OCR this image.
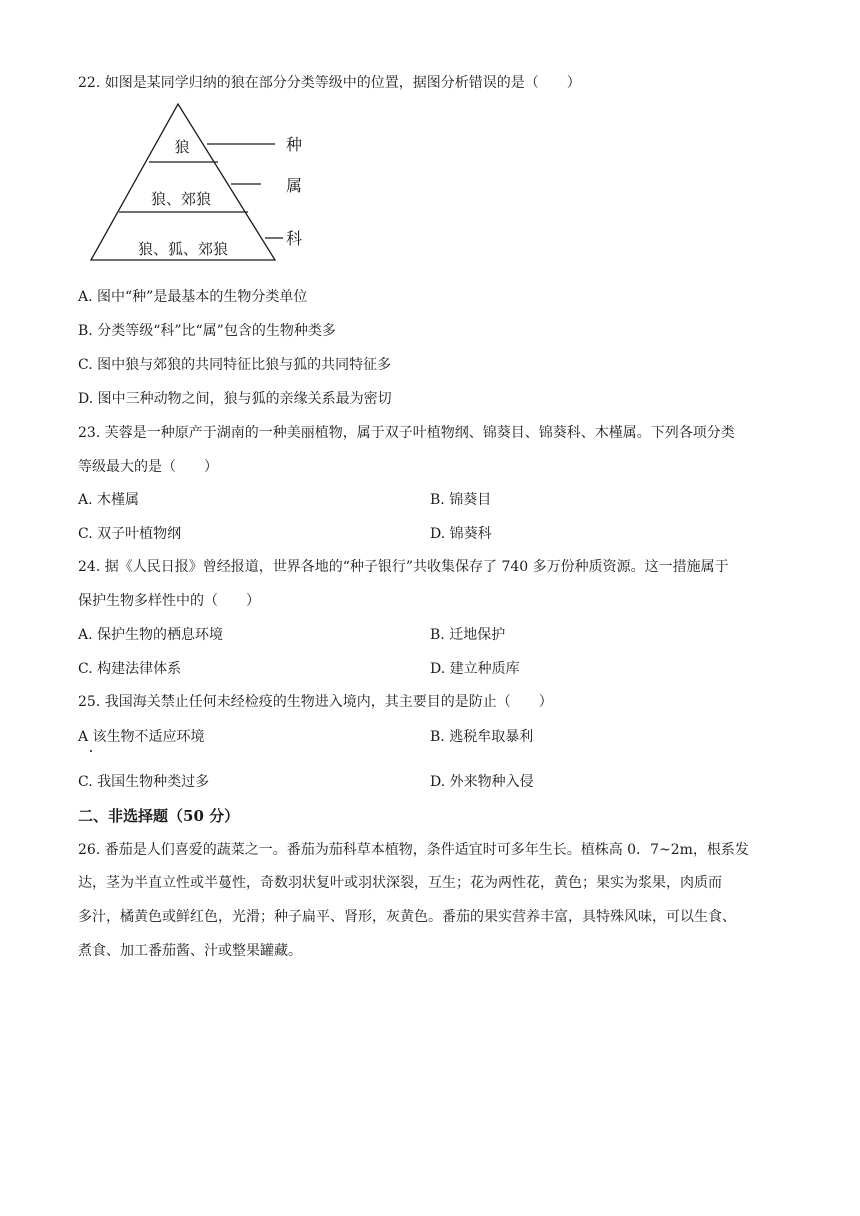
22. 如图是某同学归纳的狼在部分分类等级中的位置，据图分析错误的是（　　）
狼
狼、郊狼
狼、狐、郊狼
种
属
科
A. 图中“种”是最基本的生物分类单位
B. 分类等级“科”比“属”包含的生物种类多
C. 图中狼与郊狼的共同特征比狼与狐的共同特征多
D. 图中三种动物之间，狼与狐的亲缘关系最为密切
23. 芙蓉是一种原产于湖南的一种美丽植物，属于双子叶植物纲、锦葵目、锦葵科、木槿属。下列各项分类
等级最大的是（　　）
A. 木槿属	B. 锦葵目
C. 双子叶植物纲	D. 锦葵科
24. 据《人民日报》曾经报道，世界各地的“种子银行”共收集保存了 740 多万份种质资源。这一措施属于
保护生物多样性中的（　　）
A. 保护生物的栖息环境	B. 迁地保护
C. 构建法律体系	D. 建立种质库
25. 我国海关禁止任何未经检疫的生物进入境内，其主要目的是防止（　　）
A 该生物不适应环境	B. 逃税牟取暴利
C. 我国生物种类过多	D. 外来物种入侵
二、非选择题（50 分）
26. 番茄是人们喜爱的蔬菜之一。番茄为茄科草本植物，条件适宜时可多年生长。植株高 0．7~2m，根系发
达，茎为半直立性或半蔓性，奇数羽状复叶或羽状深裂，互生；花为两性花，黄色；果实为浆果，肉质而
多汁，橘黄色或鲜红色，光滑；种子扁平、肾形，灰黄色。番茄的果实营养丰富，具特殊风味，可以生食、
煮食、加工番茄酱、汁或整果罐藏。
